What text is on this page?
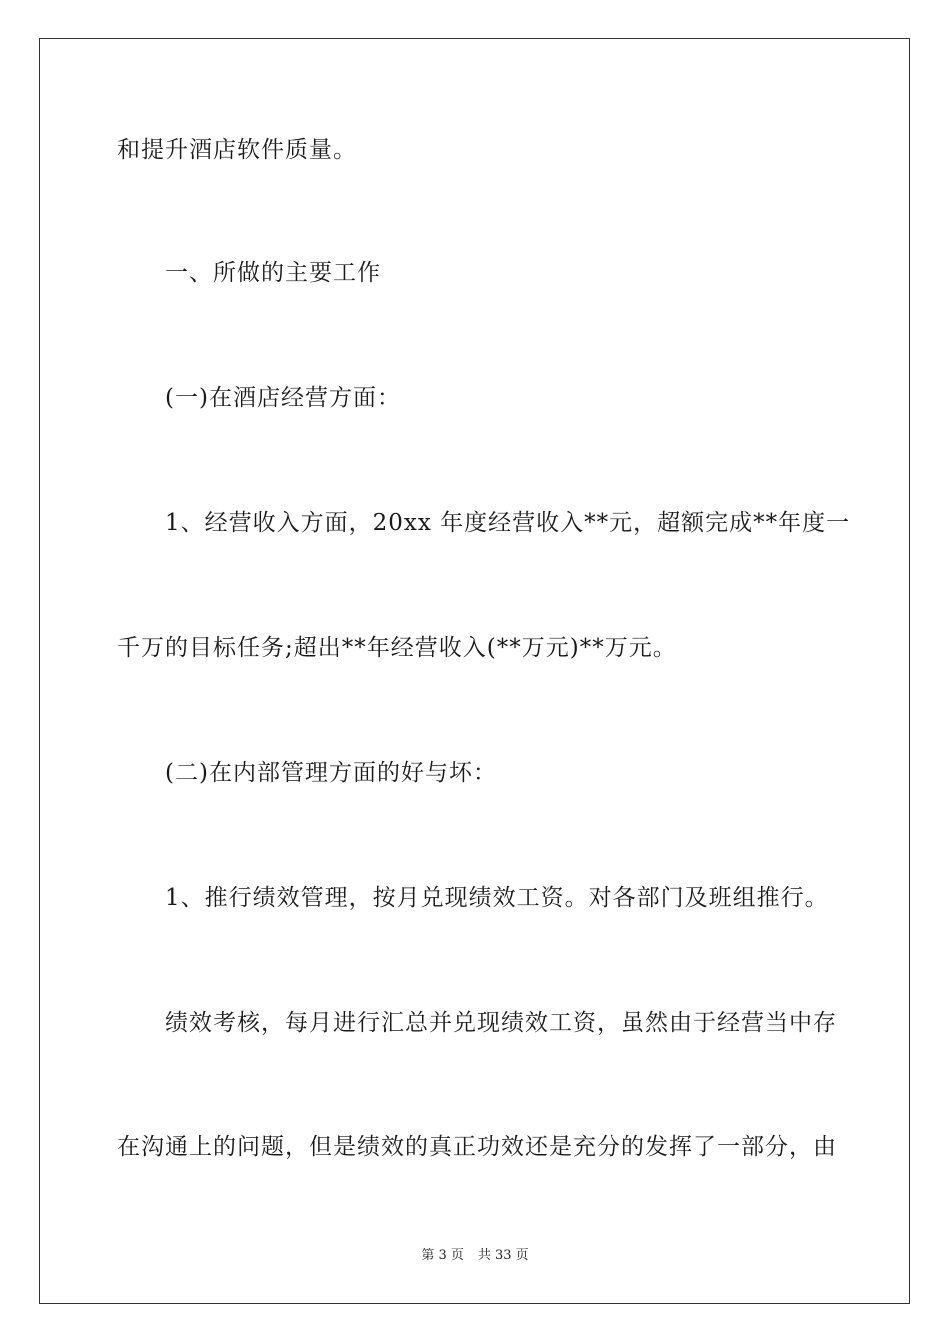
和提升酒店软件质量。
一、所做的主要工作
(一)在酒店经营方面：
1、经营收入方面，20xx 年度经营收入**元，超额完成**年度一
千万的目标任务;超出**年经营收入(**万元)**万元。
(二)在内部管理方面的好与坏：
1、推行绩效管理，按月兑现绩效工资。对各部门及班组推行。
绩效考核，每月进行汇总并兑现绩效工资，虽然由于经营当中存
在沟通上的问题，但是绩效的真正功效还是充分的发挥了一部分，由
第 3 页 共 33 页
